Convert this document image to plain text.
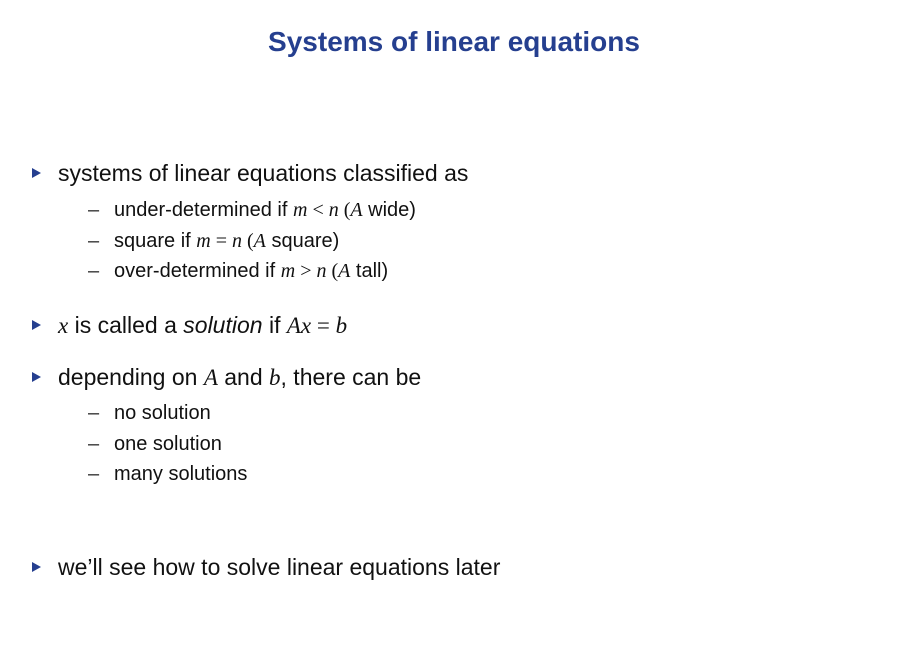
Systems of linear equations
systems of linear equations classified as
– under-determined if m < n (A wide)
– square if m = n (A square)
– over-determined if m > n (A tall)
x is called a solution if Ax = b
depending on A and b, there can be
– no solution
– one solution
– many solutions
we’ll see how to solve linear equations later
